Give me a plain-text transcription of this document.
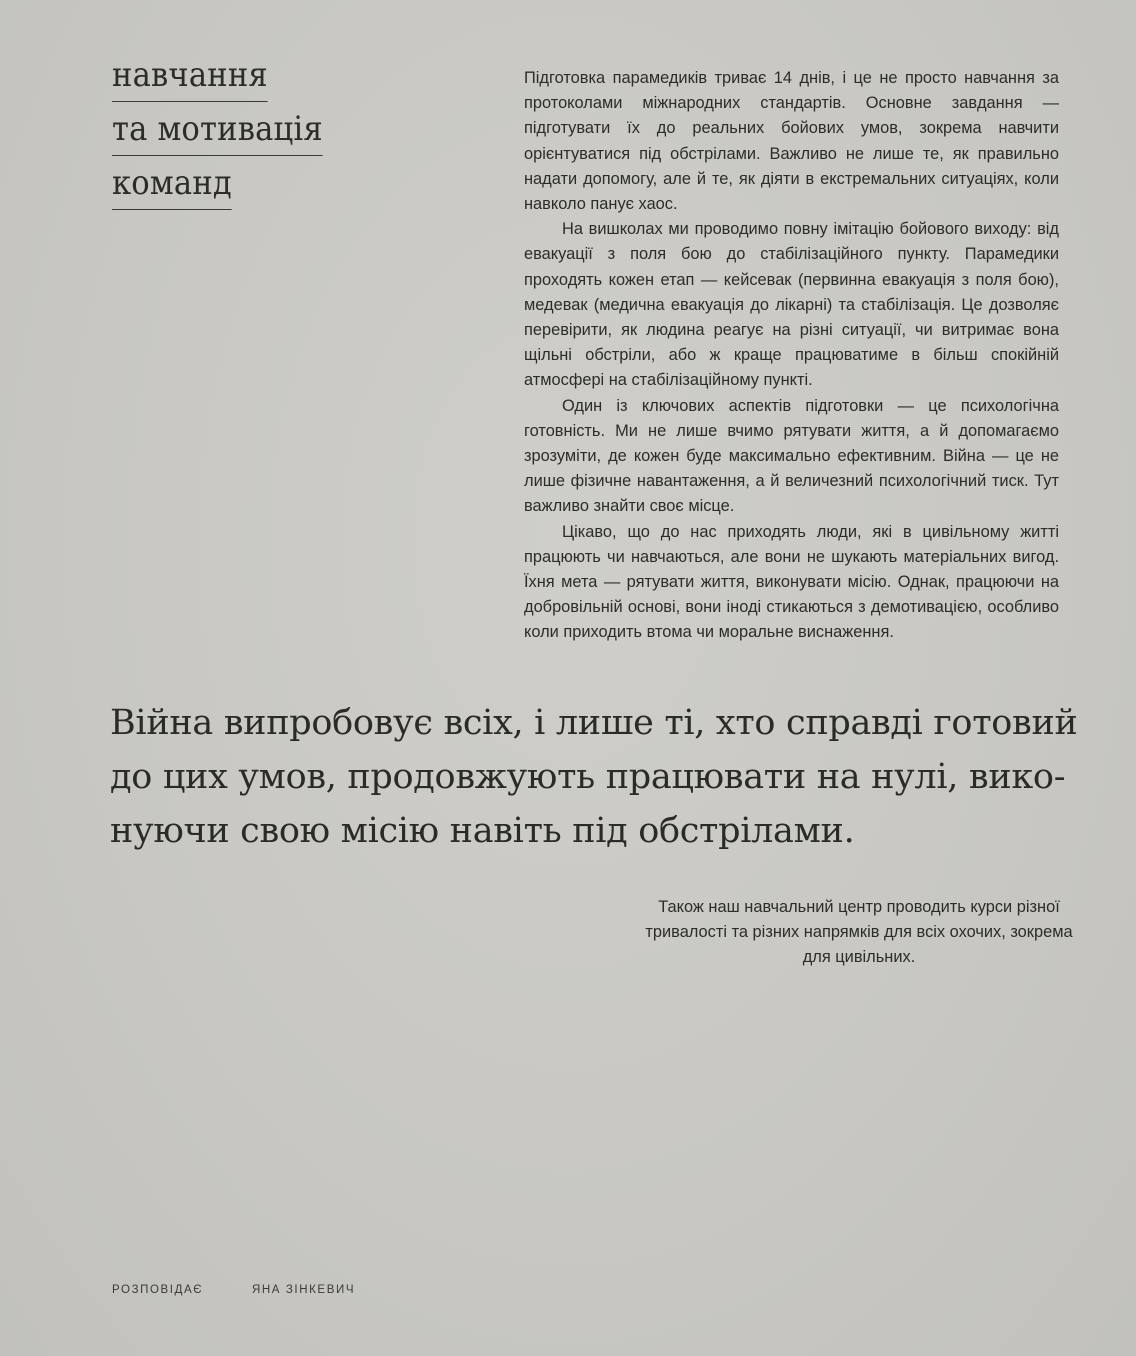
навчання
та мотивація
команд

Підготовка парамедиків триває 14 днів, і це не просто навчання за протоколами міжнародних стандартів. Основне завдання — підготувати їх до реальних бойових умов, зокрема навчити орієнтуватися під обстрілами. Важливо не лише те, як правильно надати допомогу, але й те, як діяти в екстремальних ситуаціях, коли навколо панує хаос.

На вишколах ми проводимо повну імітацію бойового виходу: від евакуації з поля бою до стабілізаційного пункту. Парамедики проходять кожен етап — кейсевак (первинна евакуація з поля бою), медевак (медична евакуація до лікарні) та стабілізація. Це дозволяє перевірити, як людина реагує на різні ситуації, чи витримає вона щільні обстріли, або ж краще працюватиме в більш спокійній атмосфері на стабілізаційному пункті.

Один із ключових аспектів підготовки — це психологічна готовність. Ми не лише вчимо рятувати життя, а й допомагаємо зрозуміти, де кожен буде максимально ефективним. Війна — це не лише фізичне навантаження, а й величезний психологічний тиск. Тут важливо знайти своє місце.

Цікаво, що до нас приходять люди, які в цивільному житті працюють чи навчаються, але вони не шукають матеріальних вигод. Їхня мета — рятувати життя, виконувати місію. Однак, працюючи на добровільній основі, вони іноді стикаються з демотивацією, особливо коли приходить втома чи моральне виснаження.

Війна випробовує всіх, і лише ті, хто справді готовий
до цих умов, продовжують працювати на нулі, вико-
нуючи свою місію навіть під обстрілами.
Також наш навчальний центр проводить курси різної тривалості та різних напрямків для всіх охочих, зокрема для цивільних.
РОЗПОВІДАЄ	ЯНА ЗІНКЕВИЧ
